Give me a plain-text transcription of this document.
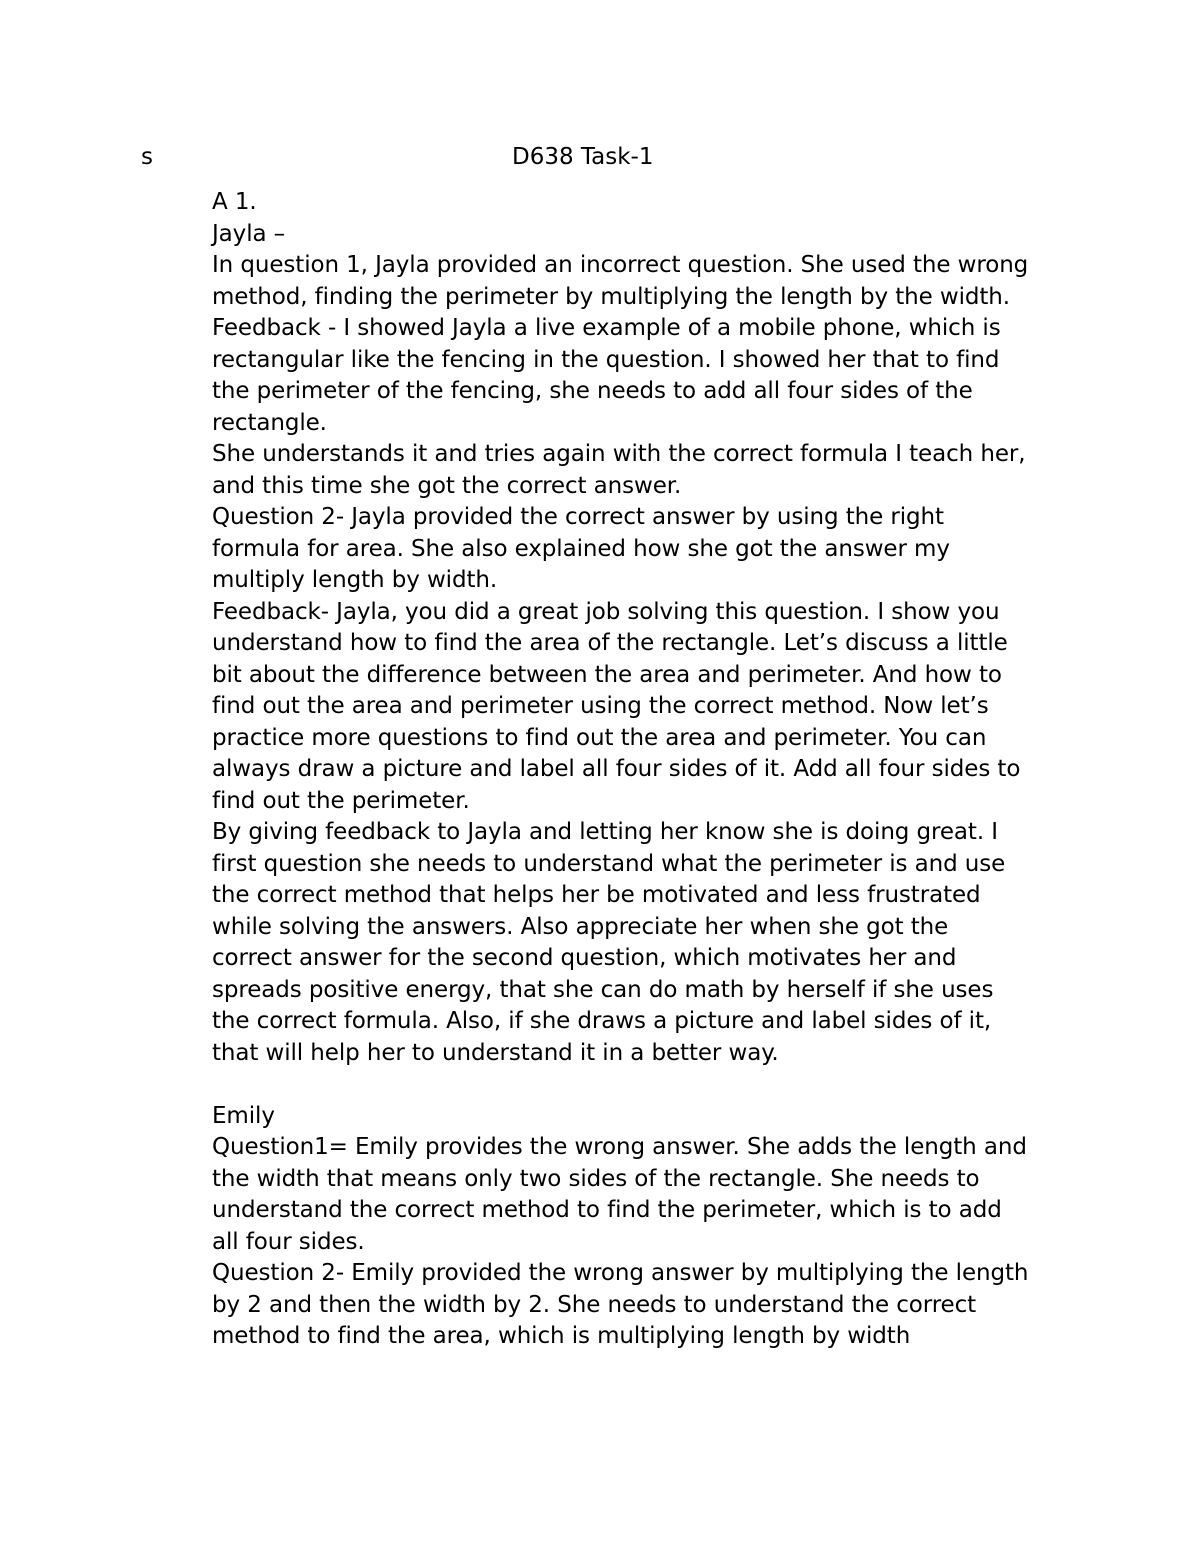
s	D638 Task-1
A 1.
Jayla –
In question 1, Jayla provided an incorrect question. She used the wrong
method, finding the perimeter by multiplying the length by the width.
Feedback - I showed Jayla a live example of a mobile phone, which is
rectangular like the fencing in the question. I showed her that to find
the perimeter of the fencing, she needs to add all four sides of the
rectangle.
She understands it and tries again with the correct formula I teach her,
and this time she got the correct answer.
Question 2- Jayla provided the correct answer by using the right
formula for area. She also explained how she got the answer my
multiply length by width.
Feedback- Jayla, you did a great job solving this question. I show you
understand how to find the area of the rectangle. Let’s discuss a little
bit about the difference between the area and perimeter. And how to
find out the area and perimeter using the correct method. Now let’s
practice more questions to find out the area and perimeter. You can
always draw a picture and label all four sides of it. Add all four sides to
find out the perimeter.
By giving feedback to Jayla and letting her know she is doing great. I
first question she needs to understand what the perimeter is and use
the correct method that helps her be motivated and less frustrated
while solving the answers. Also appreciate her when she got the
correct answer for the second question, which motivates her and
spreads positive energy, that she can do math by herself if she uses
the correct formula. Also, if she draws a picture and label sides of it,
that will help her to understand it in a better way.
Emily
Question1= Emily provides the wrong answer. She adds the length and
the width that means only two sides of the rectangle. She needs to
understand the correct method to find the perimeter, which is to add
all four sides.
Question 2- Emily provided the wrong answer by multiplying the length
by 2 and then the width by 2. She needs to understand the correct
method to find the area, which is multiplying length by width
